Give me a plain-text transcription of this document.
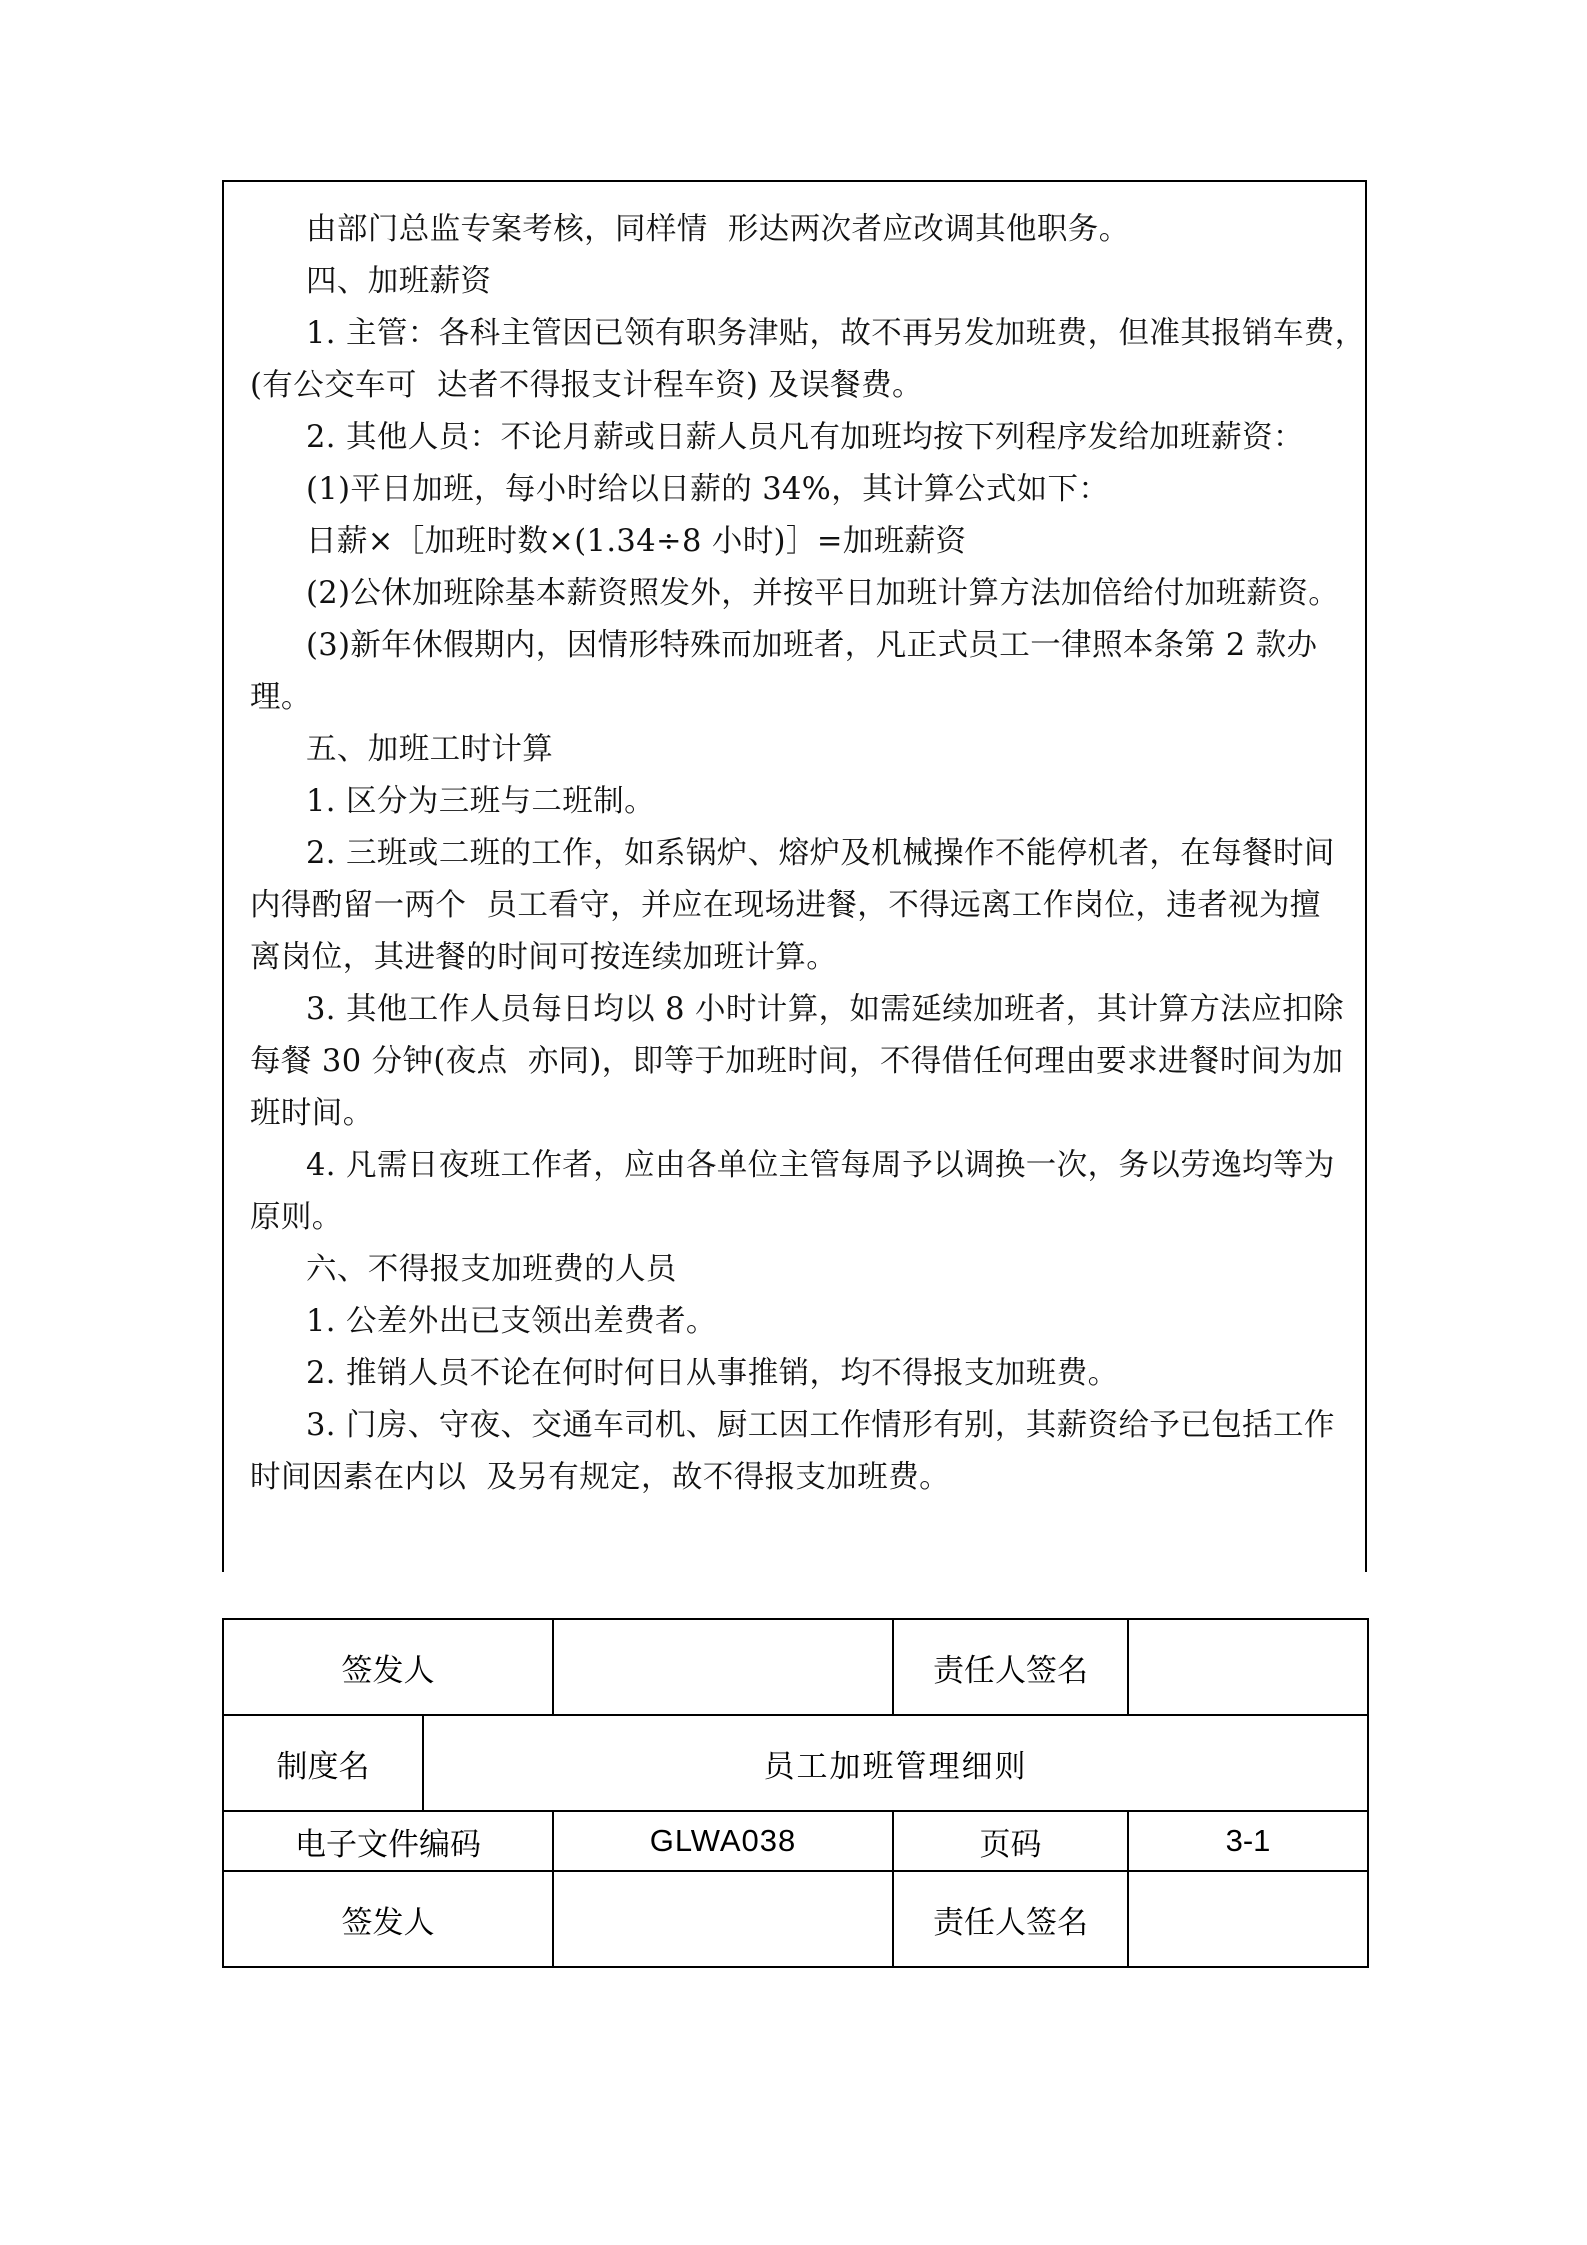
由部门总监专案考核，同样情  形达两次者应改调其他职务。
四、加班薪资
1. 主管：各科主管因已领有职务津贴，故不再另发加班费，但准其报销车费，
(有公交车可  达者不得报支计程车资) 及误餐费。
2. 其他人员：不论月薪或日薪人员凡有加班均按下列程序发给加班薪资：
(1)平日加班，每小时给以日薪的 34%，其计算公式如下：
日薪×［加班时数×(1.34÷8 小时)］=加班薪资
(2)公休加班除基本薪资照发外，并按平日加班计算方法加倍给付加班薪资。
(3)新年休假期内，因情形特殊而加班者，凡正式员工一律照本条第 2 款办
理。
五、加班工时计算
1. 区分为三班与二班制。
2. 三班或二班的工作，如系锅炉、熔炉及机械操作不能停机者，在每餐时间
内得酌留一两个  员工看守，并应在现场进餐，不得远离工作岗位，违者视为擅
离岗位，其进餐的时间可按连续加班计算。
3. 其他工作人员每日均以 8 小时计算，如需延续加班者，其计算方法应扣除
每餐 30 分钟(夜点  亦同)，即等于加班时间，不得借任何理由要求进餐时间为加
班时间。
4. 凡需日夜班工作者，应由各单位主管每周予以调换一次，务以劳逸均等为
原则。
六、不得报支加班费的人员
1. 公差外出已支领出差费者。
2. 推销人员不论在何时何日从事推销，均不得报支加班费。
3. 门房、守夜、交通车司机、厨工因工作情形有别，其薪资给予已包括工作
时间因素在内以  及另有规定，故不得报支加班费。
签发人			责任人签名	
制度名	员工加班管理细则			
电子文件编码		GLWA038	页码	3-1
签发人			责任人签名	
